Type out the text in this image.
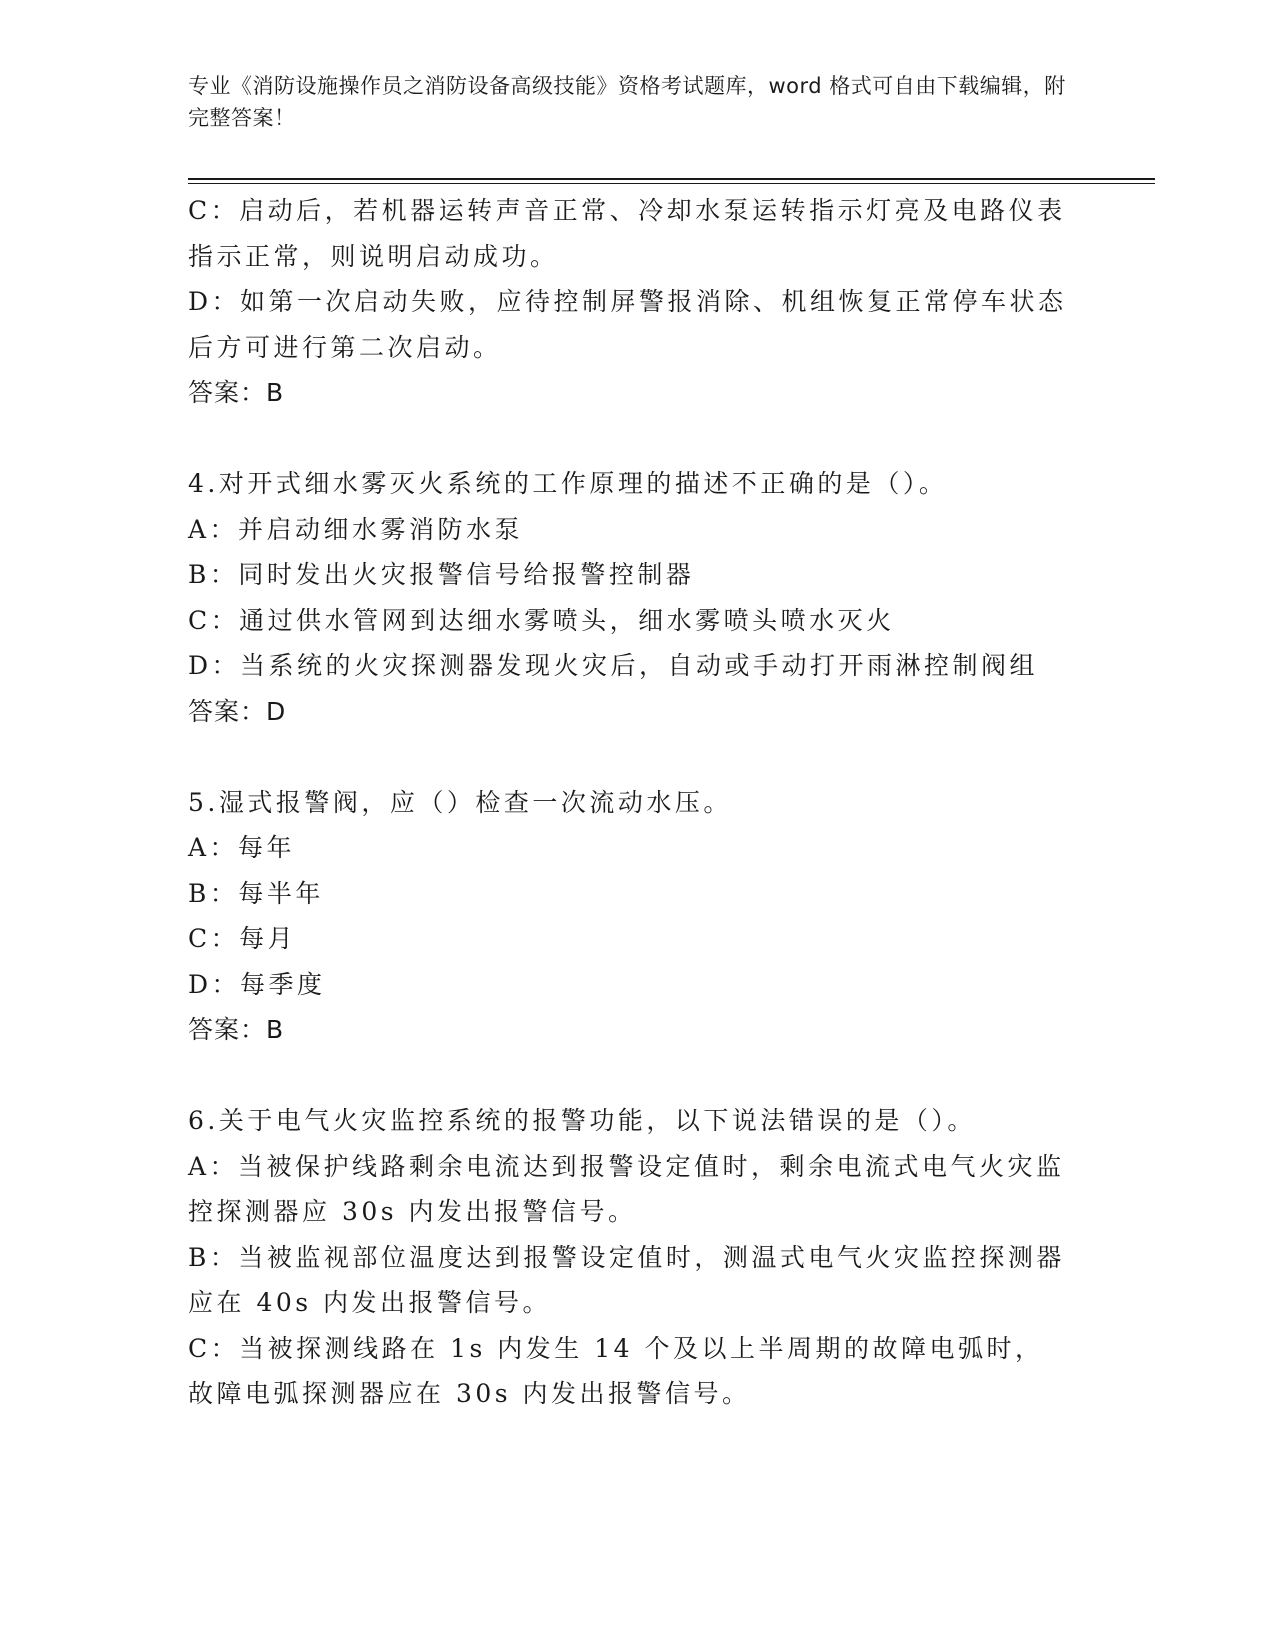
专业《消防设施操作员之消防设备高级技能》资格考试题库，word 格式可自由下载编辑，附完整答案！

C：启动后，若机器运转声音正常、冷却水泵运转指示灯亮及电路仪表指示正常，则说明启动成功。

D：如第一次启动失败，应待控制屏警报消除、机组恢复正常停车状态后方可进行第二次启动。

答案：B

4.对开式细水雾灭火系统的工作原理的描述不正确的是（）。

A：并启动细水雾消防水泵

B：同时发出火灾报警信号给报警控制器

C：通过供水管网到达细水雾喷头，细水雾喷头喷水灭火

D：当系统的火灾探测器发现火灾后，自动或手动打开雨淋控制阀组

答案：D

5.湿式报警阀，应（）检查一次流动水压。

A：每年

B：每半年

C：每月

D：每季度

答案：B

6.关于电气火灾监控系统的报警功能，以下说法错误的是（）。

A：当被保护线路剩余电流达到报警设定值时，剩余电流式电气火灾监控探测器应 30s 内发出报警信号。

B：当被监视部位温度达到报警设定值时，测温式电气火灾监控探测器应在 40s 内发出报警信号。

C：当被探测线路在 1s 内发生 14 个及以上半周期的故障电弧时，故障电弧探测器应在 30s 内发出报警信号。
